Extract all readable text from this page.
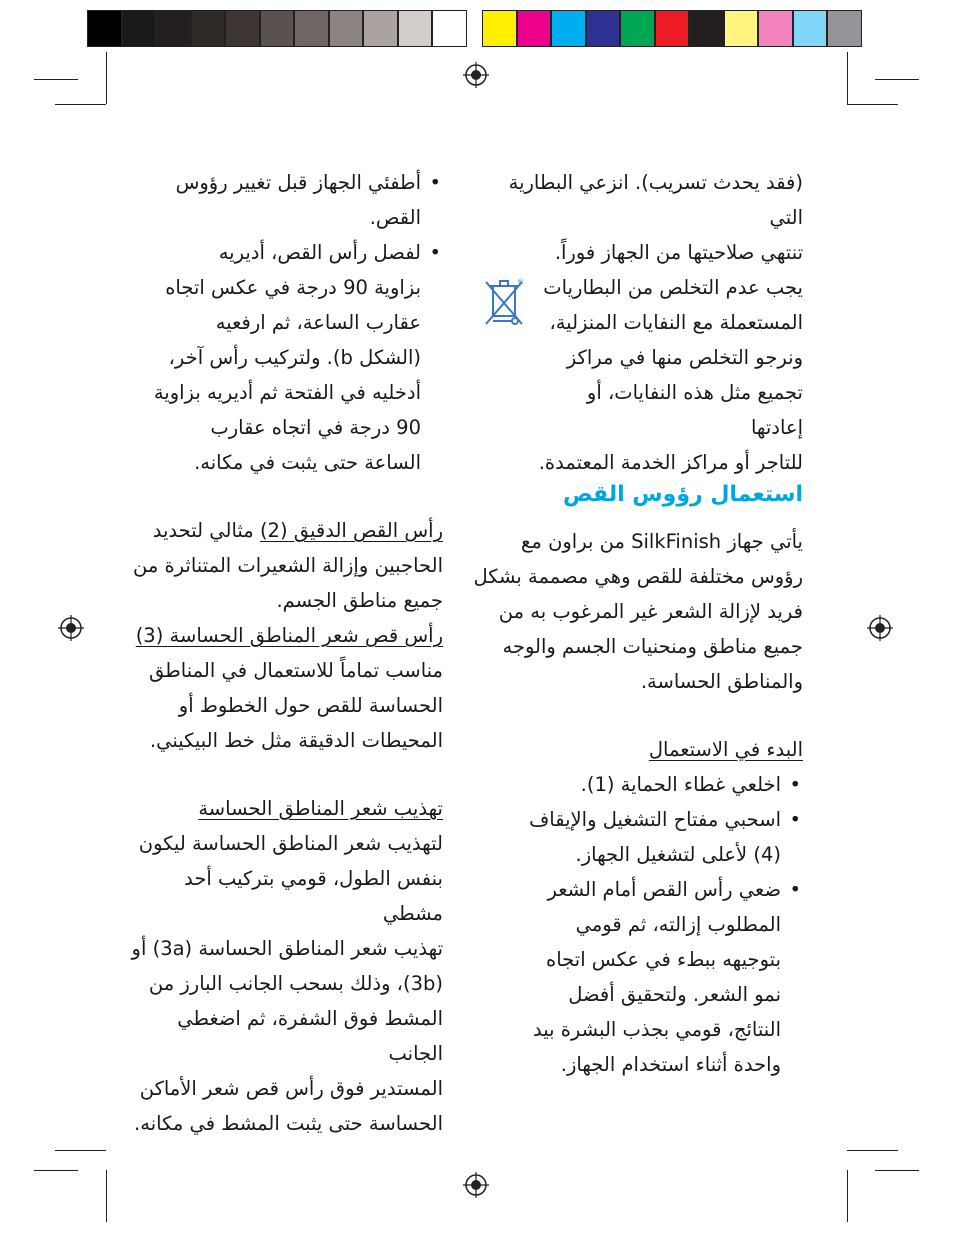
®

(فقد يحدث تسريب). انزعي البطارية التي
تنتهي صلاحيتها من الجهاز فوراً.

يجب عدم التخلص من البطاريات
المستعملة مع النفايات المنزلية،
ونرجو التخلص منها في مراكز
تجميع مثل هذه النفايات، أو إعادتها
للتاجر أو مراكز الخدمة المعتمدة.

استعمال رؤوس القص

يأتي جهاز SilkFinish من براون مع
رؤوس مختلفة للقص وهي مصممة بشكل
فريد لإزالة الشعر غير المرغوب به من
جميع مناطق ومنحنيات الجسم والوجه
والمناطق الحساسة.

البدء في الاستعمال

• اخلعي غطاء الحماية (1).

• اسحبي مفتاح التشغيل والإيقاف
(4) لأعلى لتشغيل الجهاز.

• ضعي رأس القص أمام الشعر
المطلوب إزالته، ثم قومي
بتوجيهه ببطء في عكس اتجاه
نمو الشعر. ولتحقيق أفضل
النتائج، قومي بجذب البشرة بيد
واحدة أثناء استخدام الجهاز.

• أطفئي الجهاز قبل تغيير رؤوس
القص.

• لفصل رأس القص، أديريه
بزاوية 90 درجة في عكس اتجاه
عقارب الساعة، ثم ارفعيه
(الشكل b). ولتركيب رأس آخر،
أدخليه في الفتحة ثم أديريه بزاوية
90 درجة في اتجاه عقارب
الساعة حتى يثبت في مكانه.

رأس القص الدقيق (2) مثالي لتحديد
الحاجبين وإزالة الشعيرات المتناثرة من
جميع مناطق الجسم.

رأس قص شعر المناطق الحساسة (3)
مناسب تماماً للاستعمال في المناطق
الحساسة للقص حول الخطوط أو
المحيطات الدقيقة مثل خط البيكيني.

تهذيب شعر المناطق الحساسة
لتهذيب شعر المناطق الحساسة ليكون
بنفس الطول، قومي بتركيب أحد مشطي
تهذيب شعر المناطق الحساسة (3a) أو
(3b)، وذلك بسحب الجانب البارز من
المشط فوق الشفرة، ثم اضغطي الجانب
المستدير فوق رأس قص شعر الأماكن
الحساسة حتى يثبت المشط في مكانه.
